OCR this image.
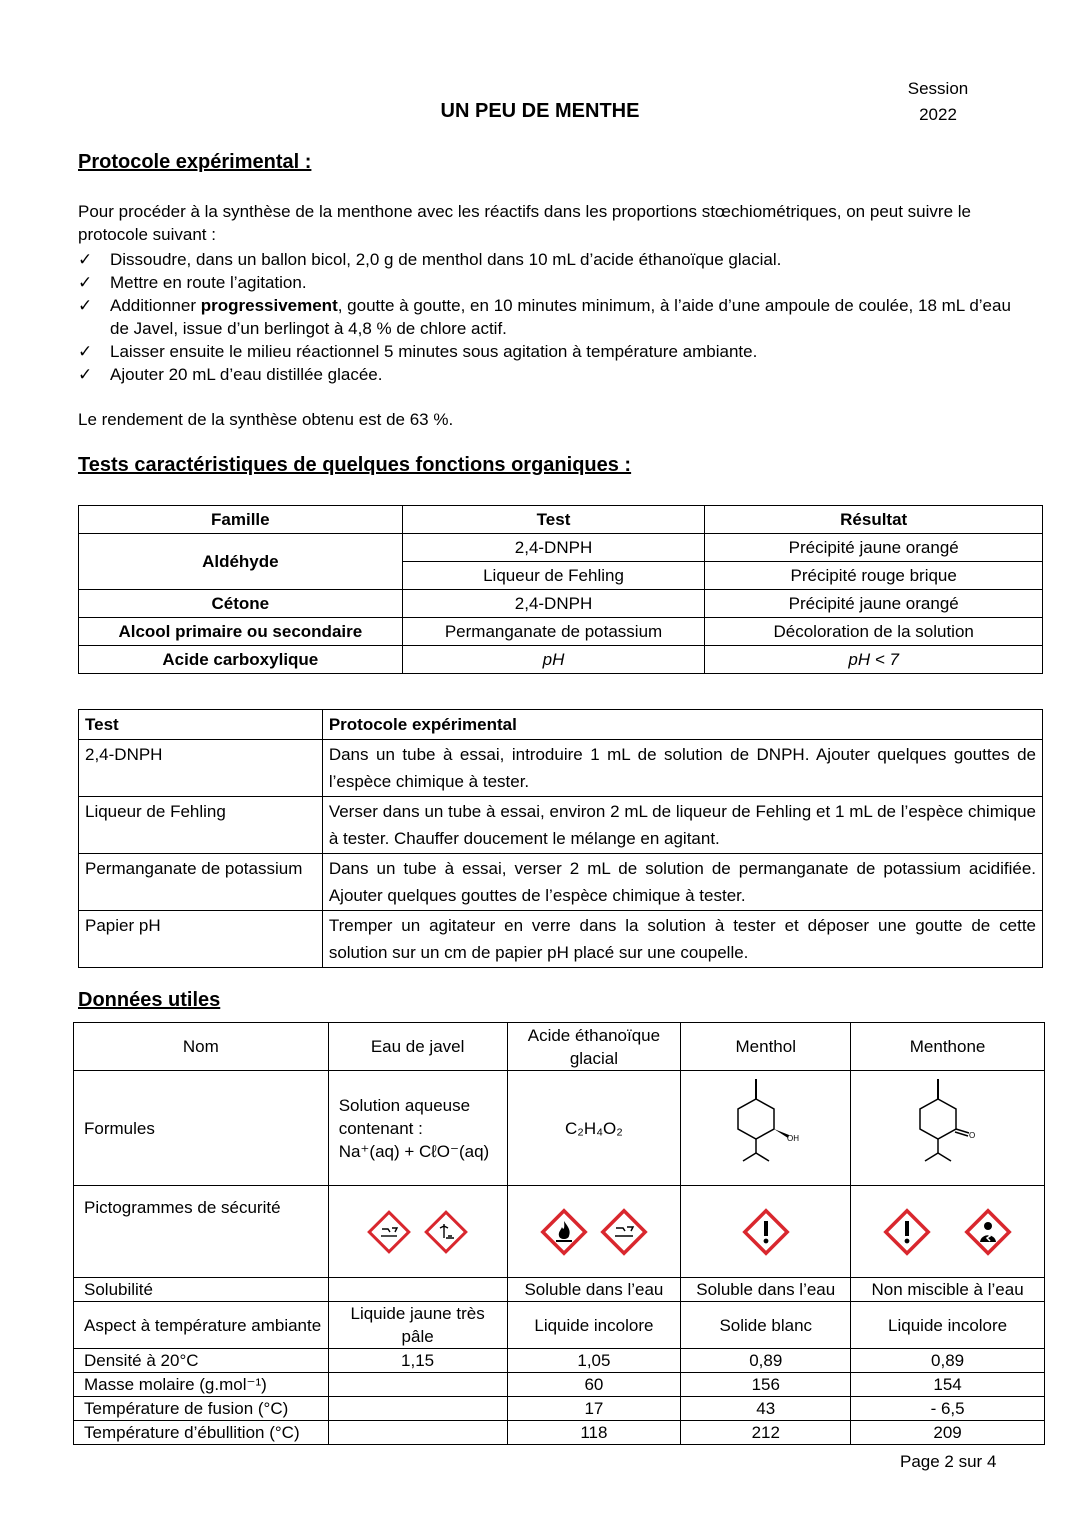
Session
2022
UN PEU DE MENTHE
Protocole expérimental :
Pour procéder à la synthèse de la menthone avec les réactifs dans les proportions stœchiométriques, on peut suivre le protocole suivant :
✓ Dissoudre, dans un ballon bicol, 2,0 g de menthol dans 10 mL d’acide éthanoïque glacial.
✓ Mettre en route l’agitation.
✓ Additionner progressivement, goutte à goutte, en 10 minutes minimum, à l’aide d’une ampoule de coulée, 18 mL d’eau de Javel, issue d’un berlingot à 4,8 % de chlore actif.
✓ Laisser ensuite le milieu réactionnel 5 minutes sous agitation à température ambiante.
✓ Ajouter 20 mL d’eau distillée glacée.
Le rendement de la synthèse obtenu est de 63 %.
Tests caractéristiques de quelques fonctions organiques :
Famille	Test	Résultat
Aldéhyde	2,4-DNPH	Précipité jaune orangé
	Liqueur de Fehling	Précipité rouge brique
Cétone	2,4-DNPH	Précipité jaune orangé
Alcool primaire ou secondaire	Permanganate de potassium	Décoloration de la solution
Acide carboxylique	pH	pH < 7
Test	Protocole expérimental
2,4-DNPH	Dans un tube à essai, introduire 1 mL de solution de DNPH. Ajouter quelques gouttes de l’espèce chimique à tester.
Liqueur de Fehling	Verser dans un tube à essai, environ 2 mL de liqueur de Fehling et 1 mL de l’espèce chimique à tester. Chauffer doucement le mélange en agitant.
Permanganate de potassium	Dans un tube à essai, verser 2 mL de solution de permanganate de potassium acidifiée. Ajouter quelques gouttes de l’espèce chimique à tester.
Papier pH	Tremper un agitateur en verre dans la solution à tester et déposer une goutte de cette solution sur un cm de papier pH placé sur une coupelle.
Données utiles
Nom	Eau de javel	Acide éthanoïque glacial	Menthol	Menthone
Formules	Solution aqueuse
contenant :
Na⁺(aq) + CℓO⁻(aq)	C₂H₄O₂	OH	O

Pictogrammes de sécurité				
Solubilité		Soluble dans l’eau	Soluble dans l’eau	Non miscible à l’eau
Aspect à température ambiante	Liquide jaune très pâle	Liquide incolore	Solide blanc	Liquide incolore
Densité à 20°C	1,15	1,05	0,89	0,89
Masse molaire (g.mol⁻¹)		60	156	154
Température de fusion (°C)		17	43	- 6,5
Température d’ébullition (°C)		118	212	209
Page 2 sur 4
